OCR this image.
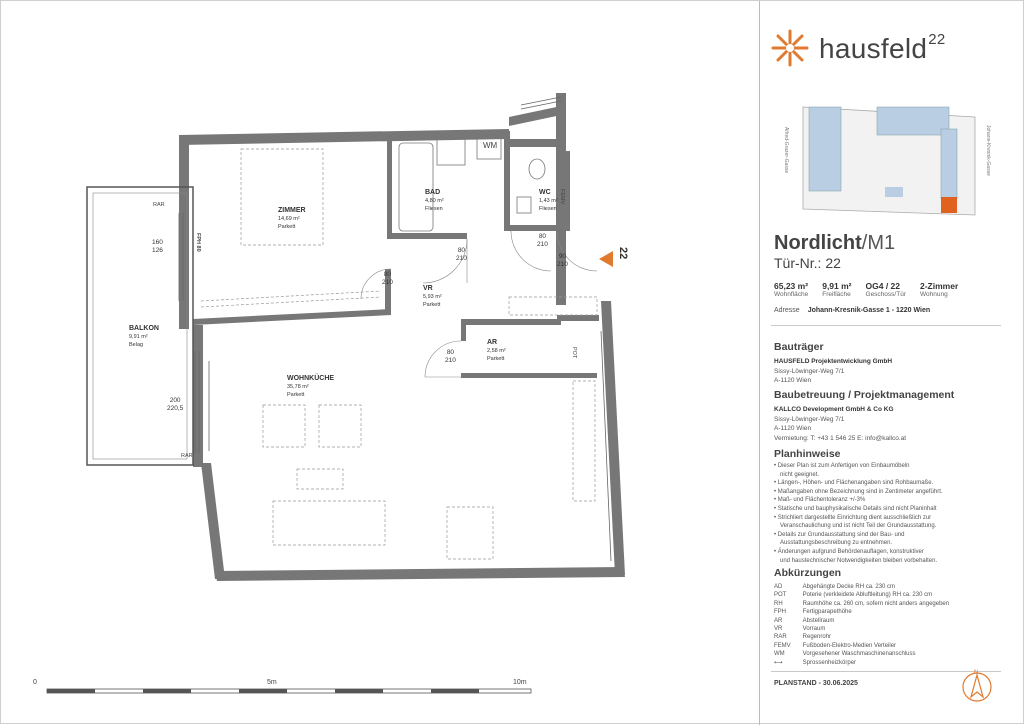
ZIMMER
14,69 m²
Parkett
BAD
4,80 m²
Fliesen
WC
1,43 m²
Fliesen
VR
5,93 m²
Parkett
AR
2,58 m²
Parkett
WOHNKÜCHE
35,78 m²
Parkett
BALKON
9,91 m²
Belag
160
126
80
210
80
210
80
210
90
210
80
210
200
220,5
RAR
RAR
FPH 80
WM
FEMV
POT
22
0	5m	10m
hausfeld$^{22}$
Alfred-Grazer-Gasse	Johann-Kresnik-Gasse
Nordlicht/M1
Tür-Nr.: 22
65,23 m²
Wohnfläche
9,91 m²
Freifläche
OG4 / 22
Geschoss/Tür
2-Zimmer
Wohnung
Adresse Johann-Kresnik-Gasse 1 - 1220 Wien
Bauträger
HAUSFELD Projektentwicklung GmbH
Sissy-Löwinger-Weg 7/1
A-1120 Wien
Baubetreuung / Projektmanagement
KALLCO Development GmbH & Co KG
Sissy-Löwinger-Weg 7/1
A-1120 Wien
Vermietung: T: +43 1 546 25 E: info@kallco.at
Planhinweise
• Dieser Plan ist zum Anfertigen von Einbaumöbeln
nicht geeignet.
• Längen-, Höhen- und Flächenangaben sind Rohbaumaße.
• Maßangaben ohne Bezeichnung sind in Zentimeter angeführt.
• Maß- und Flächentoleranz +/-3%
• Statische und bauphysikalische Details sind nicht Planinhalt
• Strichliert dargestellte Einrichtung dient ausschließlich zur
Veranschaulichung und ist nicht Teil der Grundausstattung.
• Details zur Grundausstattung sind der Bau- und
Ausstattungsbeschreibung zu entnehmen.
• Änderungen aufgrund Behördenauflagen, konstruktiver
und haustechnischer Notwendigkeiten bleiben vorbehalten.
Abkürzungen
AD	Abgehängte Decke RH ca. 230 cm
POT	Poterie (verkleidete Abluftleitung) RH ca. 230 cm
RH	Raumhöhe ca. 260 cm, sofern nicht anders angegeben
FPH	Fertigparapethöhe
AR	Abstellraum
VR	Vorraum
RAR	Regenrohr
FEMV	Fußboden-Elektro-Medien Verteiler
WM	Vorgesehener Waschmaschinenanschluss
⟷	Sprossenheizkörper
PLANSTAND - 30.06.2025
N
